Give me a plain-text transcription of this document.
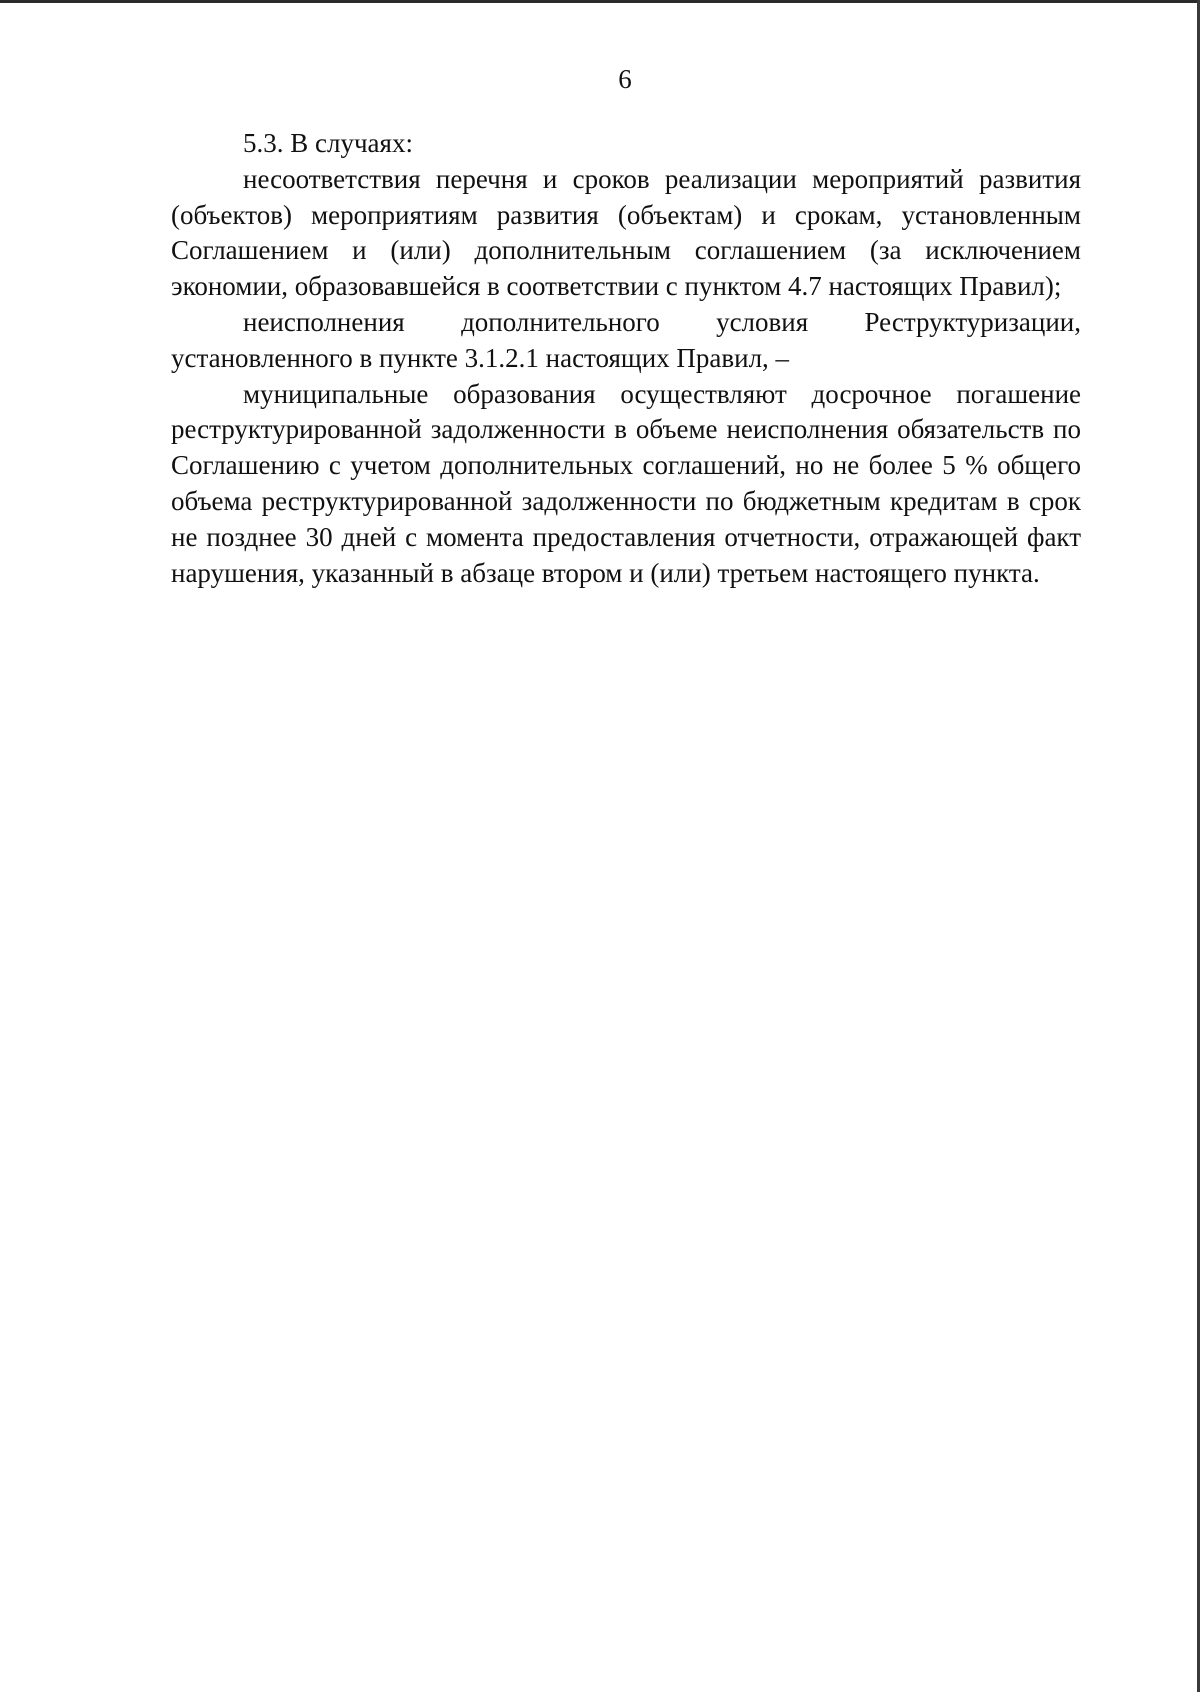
6

5.3. В случаях:

несоответствия перечня и сроков реализации мероприятий развития (объектов) мероприятиям развития (объектам) и срокам, установленным Соглашением и (или) дополнительным соглашением (за исключением экономии, образовавшейся в соответствии с пунктом 4.7 настоящих Правил);

неисполнения дополнительного условия Реструктуризации, установленного в пункте 3.1.2.1 настоящих Правил, –

муниципальные образования осуществляют досрочное погашение реструктурированной задолженности в объеме неисполнения обязательств по Соглашению с учетом дополнительных соглашений, но не более 5 % общего объема реструктурированной задолженности по бюджетным кредитам в срок не позднее 30 дней с момента предоставления отчетности, отражающей факт нарушения, указанный в абзаце втором и (или) третьем настоящего пункта.
